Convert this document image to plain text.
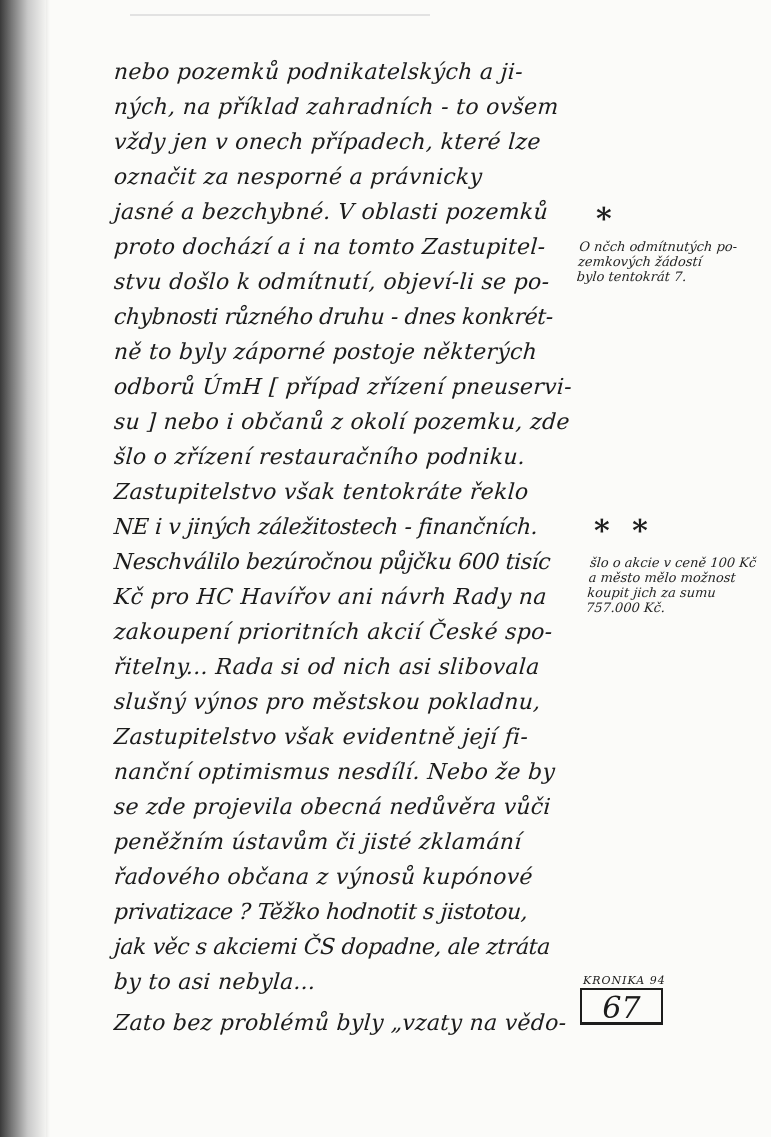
nebo pozemků podnikatelských a ji-
ných, na příklad zahradních - to ovšem
vždy jen v onech případech, které lze
označit za nesporné a právnicky
jasné a bezchybné. V oblasti pozemků
proto dochází a i na tomto Zastupitel-
stvu došlo k odmítnutí, objeví-li se po-
chybnosti různého druhu - dnes konkrét-
ně to byly záporné postoje některých
odborů ÚmH [ případ zřízení pneuservi-
su ] nebo i občanů z okolí pozemku, zde
šlo o zřízení restauračního podniku.
Zastupitelstvo však tentokráte řeklo
NE i v jiných záležitostech - finančních.
Neschválilo bezúročnou půjčku 600 tisíc
Kč pro HC Havířov ani návrh Rady na
zakoupení prioritních akcií České spo-
řitelny... Rada si od nich asi slibovala
slušný výnos pro městskou pokladnu,
Zastupitelstvo však evidentně její fi-
nanční optimismus nesdílí. Nebo že by
se zde projevila obecná nedůvěra vůči
peněžním ústavům či jisté zklamání
řadového občana z výnosů kupónové
privatizace ? Těžko hodnotit s jistotou,
jak věc s akciemi ČS dopadne, ale ztráta
by to asi nebyla...
Zato bez problémů byly „vzaty na vědo-
*
O nčch odmítnutých po-
zemkových žádostí
bylo tentokrát 7.
* *
šlo o akcie v ceně 100 Kč
a město mělo možnost
koupit jich za sumu
757.000 Kč.
KRONIKA 94
67
